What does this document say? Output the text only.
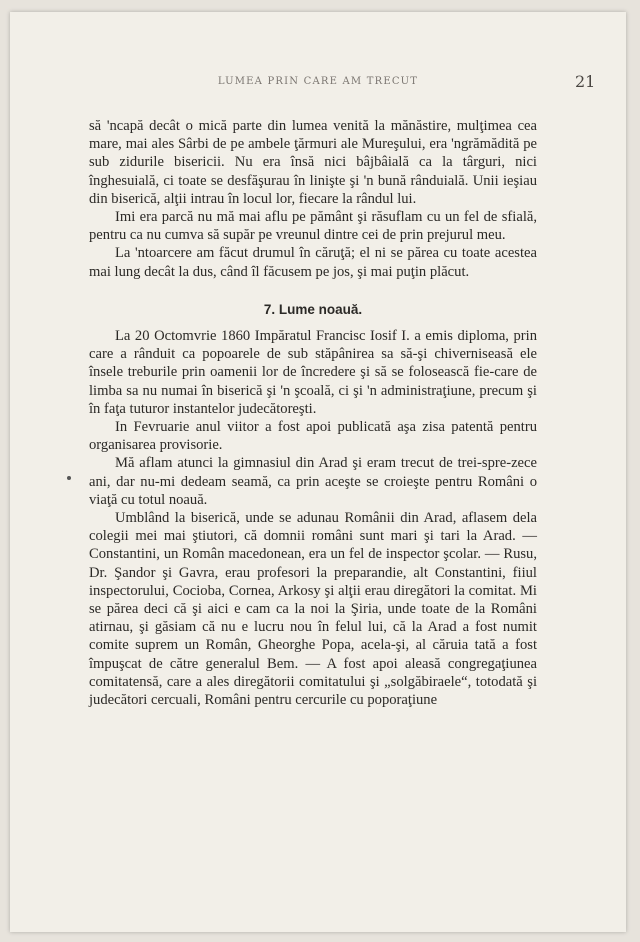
LUMEA PRIN CARE AM TRECUT	21

să 'ncapă decât o mică parte din lumea venită la mănăstire, mulţimea cea mare, mai ales Sârbi de pe ambele ţărmuri ale Mureşului, era 'ngrămădită pe sub zidurile bisericii. Nu era însă nici bâjbâială ca la târguri, nici înghesuială, ci toate se desfăşurau în linişte şi 'n bună rânduială. Unii ieşiau din biserică, alţii intrau în locul lor, fiecare la rândul lui.

Imi era parcă nu mă mai aflu pe pământ şi răsuflam cu un fel de sfială, pentru ca nu cumva să supăr pe vreunul dintre cei de prin prejurul meu.

La 'ntoarcere am făcut drumul în căruţă; el ni se părea cu toate acestea mai lung decât la dus, când îl făcusem pe jos, şi mai puţin plăcut.

7. Lume noauă.

La 20 Octomvrie 1860 Impăratul Francisc Iosif I. a emis diploma, prin care a rânduit ca popoarele de sub stăpânirea sa să-şi chiverniseasă ele însele treburile prin oamenii lor de încredere şi să se folosească fie-care de limba sa nu numai în biserică şi 'n şcoală, ci şi 'n administraţiune, precum şi în faţa tuturor instantelor judecătoreşti.

In Fevruarie anul viitor a fost apoi publicată aşa zisa patentă pentru organisarea provisorie.

Mă aflam atunci la gimnasiul din Arad şi eram trecut de trei-spre-zece ani, dar nu-mi dedeam seamă, ca prin aceşte se croieşte pentru Români o viaţă cu totul noauă.

Umblând la biserică, unde se adunau Românii din Arad, aflasem dela colegii mei mai ştiutori, că domnii români sunt mari şi tari la Arad. — Constantini, un Român macedonean, era un fel de inspector şcolar. — Rusu, Dr. Şandor şi Gavra, erau profesori la preparandie, alt Constantini, fiiul inspectorului, Cocioba, Cornea, Arkosy şi alţii erau diregători la comitat. Mi se părea deci că şi aici e cam ca la noi la Şiria, unde toate de la Români atirnau, şi găsiam că nu e lucru nou în felul lui, că la Arad a fost numit comite suprem un Român, Gheorghe Popa, acela-şi, al căruia tată a fost împuşcat de către generalul Bem. — A fost apoi aleasă congregaţiunea comitatensă, care a ales diregătorii comitatului şi „solgăbiraele“, totodată şi judecători cercuali, Români pentru cercurile cu poporaţiune
